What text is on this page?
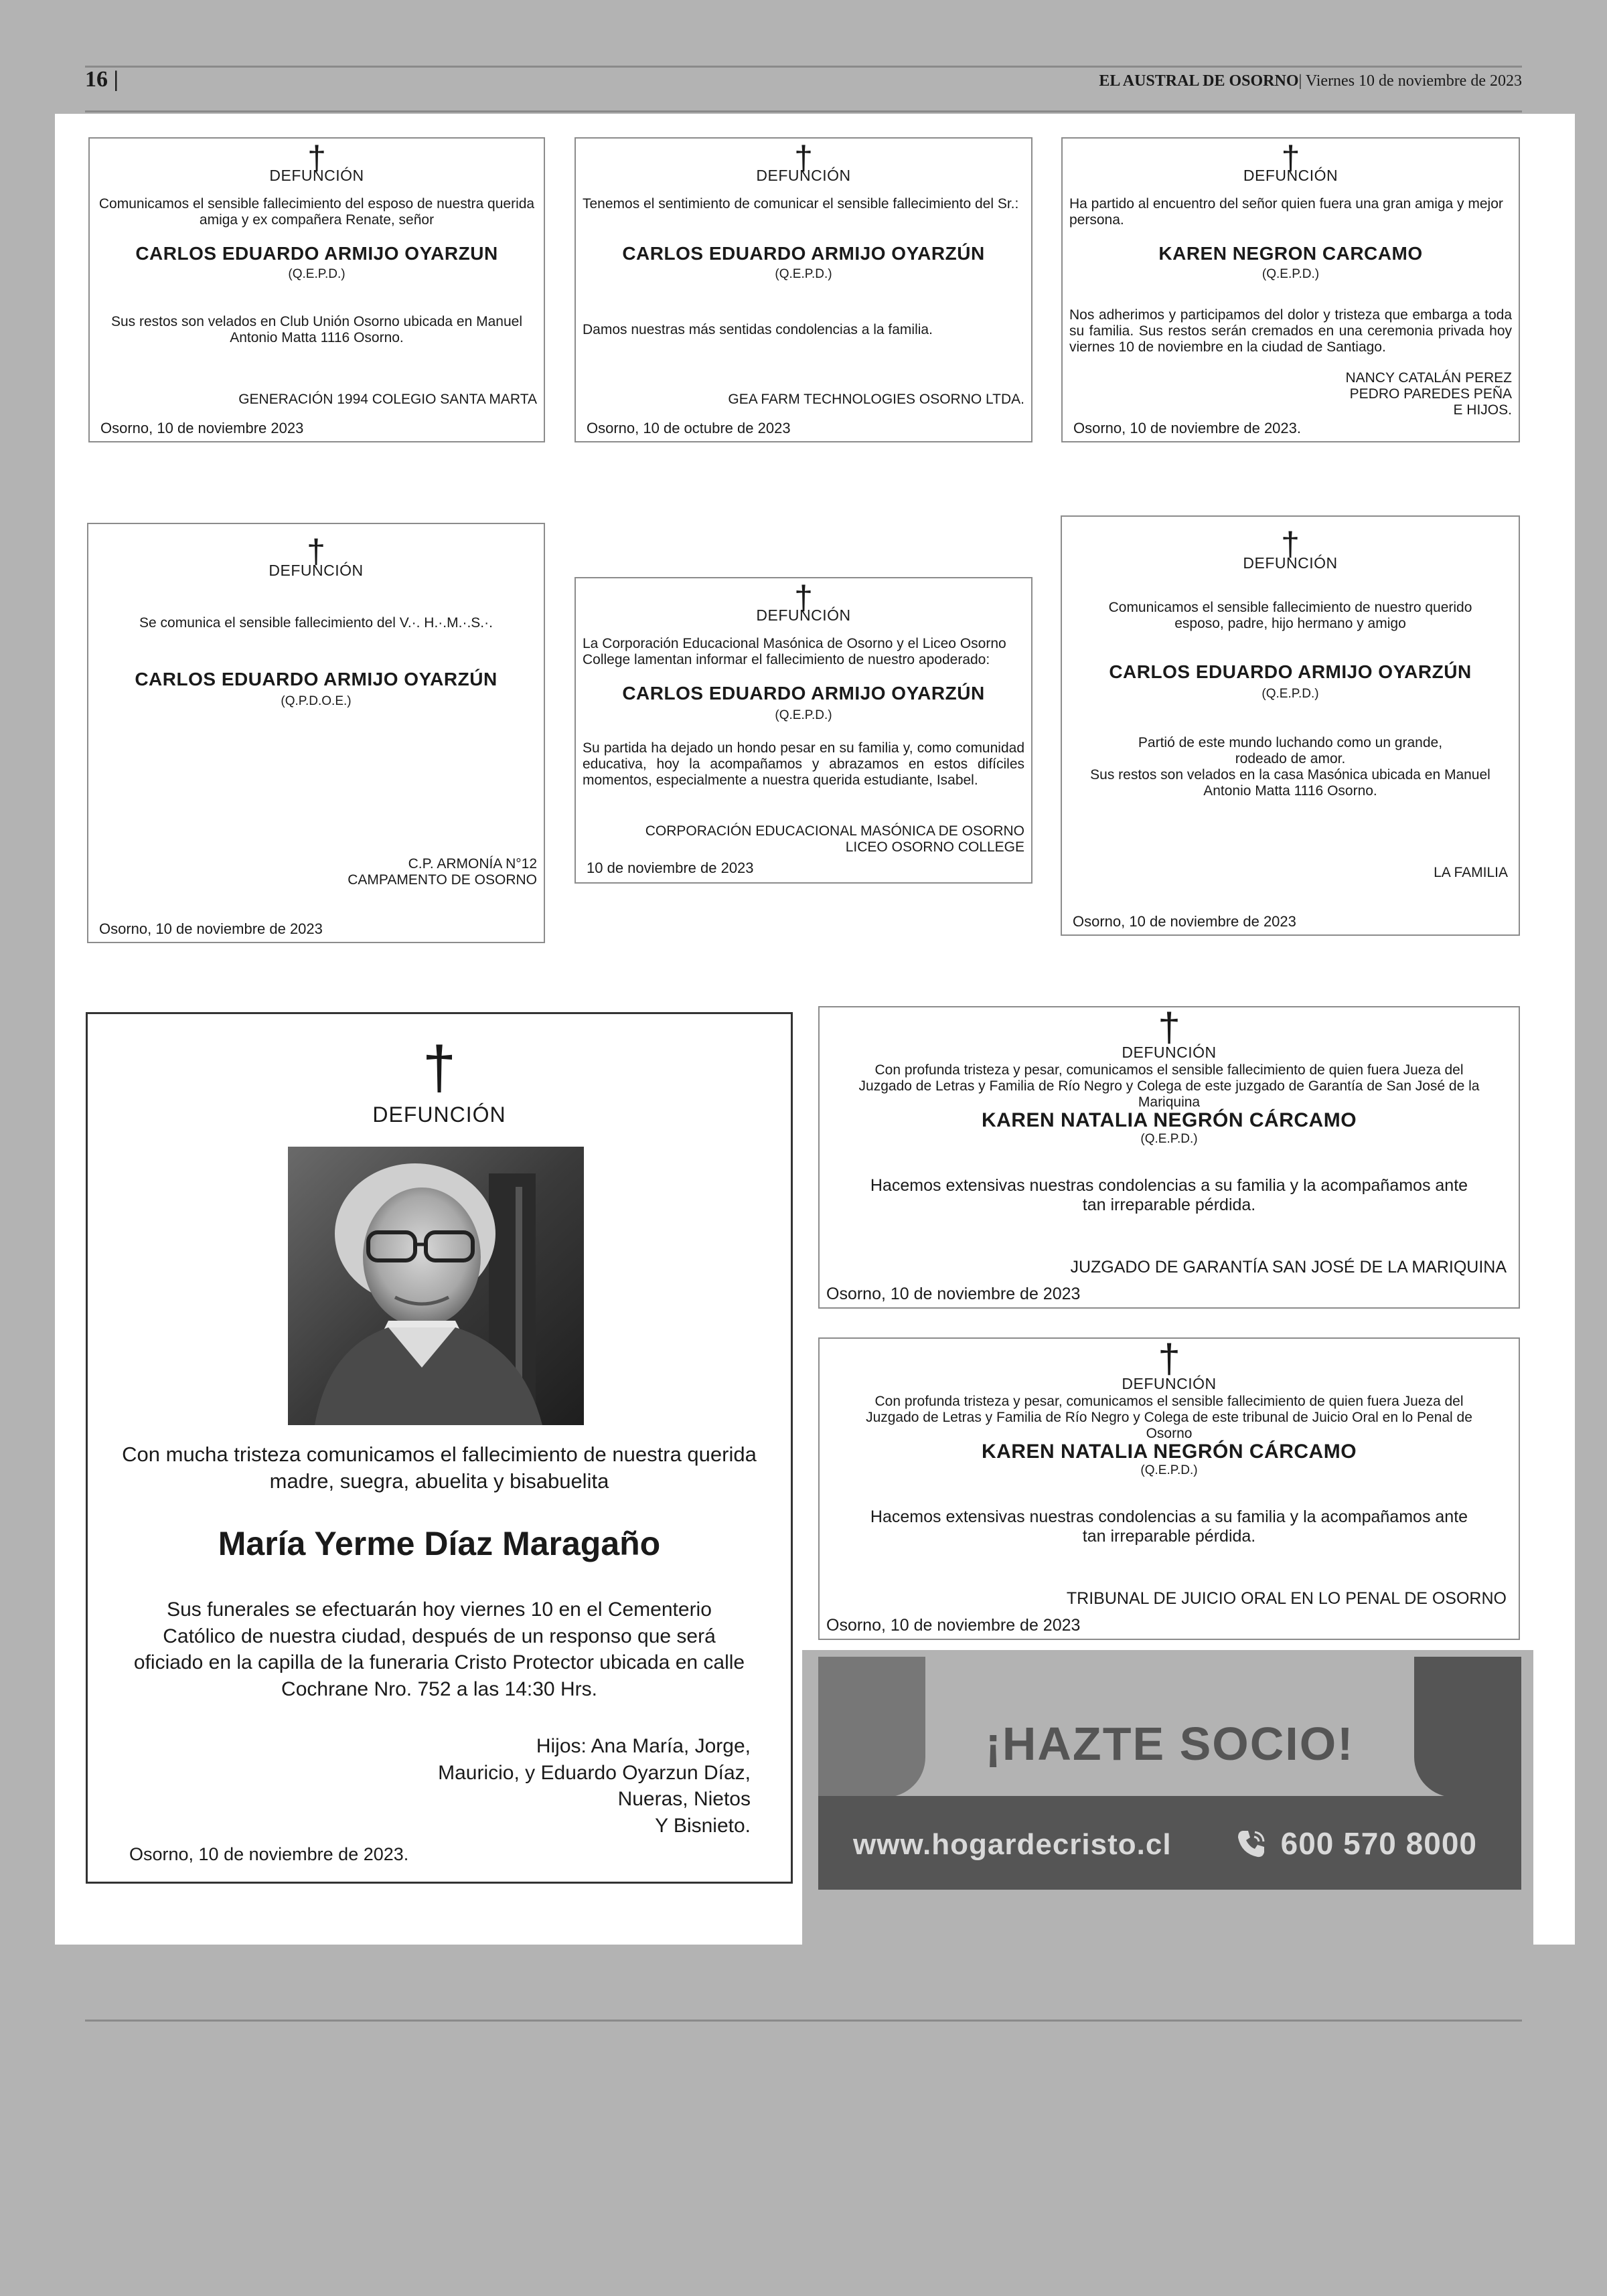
16 |	EL AUSTRAL DE OSORNO| Viernes 10 de noviembre de 2023
†
DEFUNCIÓN
Comunicamos el sensible fallecimiento del esposo de nuestra querida amiga y ex compañera Renate, señor
CARLOS EDUARDO ARMIJO OYARZUN
(Q.E.P.D.)
Sus restos son velados en Club Unión Osorno ubicada en Manuel Antonio Matta 1116 Osorno.
GENERACIÓN 1994 COLEGIO SANTA MARTA
Osorno, 10 de noviembre 2023
†
DEFUNCIÓN
Tenemos el sentimiento de comunicar el sensible fallecimiento del Sr.:
CARLOS EDUARDO ARMIJO OYARZÚN
(Q.E.P.D.)
Damos nuestras más sentidas condolencias a la familia.
GEA FARM TECHNOLOGIES OSORNO LTDA.
Osorno, 10 de octubre de 2023
†
DEFUNCIÓN
Ha partido al encuentro del señor quien fuera una gran amiga y mejor persona.
KAREN NEGRON CARCAMO
(Q.E.P.D.)
Nos adherimos y participamos del dolor y tristeza que embarga a toda su familia. Sus restos serán cremados en una ceremonia privada hoy viernes 10 de noviembre en la ciudad de Santiago.
NANCY CATALÁN PEREZ
PEDRO PAREDES PEÑA
E HIJOS.
Osorno, 10 de noviembre de 2023.
†
DEFUNCIÓN
Se comunica el sensible fallecimiento del V.·. H.·.M.·.S.·.
CARLOS EDUARDO ARMIJO OYARZÚN
(Q.P.D.O.E.)
C.P. ARMONÍA N°12
CAMPAMENTO DE OSORNO
Osorno, 10 de noviembre de 2023
†
DEFUNCIÓN
La Corporación Educacional Masónica de Osorno y el Liceo Osorno College lamentan informar el fallecimiento de nuestro apoderado:
CARLOS EDUARDO ARMIJO OYARZÚN
(Q.E.P.D.)
Su partida ha dejado un hondo pesar en su familia y, como comunidad educativa, hoy la acompañamos y abrazamos en estos difíciles momentos, especialmente a nuestra querida estudiante, Isabel.
CORPORACIÓN EDUCACIONAL MASÓNICA DE OSORNO
LICEO OSORNO COLLEGE
10 de noviembre de 2023
†
DEFUNCIÓN
Comunicamos el sensible fallecimiento de nuestro querido esposo, padre, hijo hermano y amigo
CARLOS EDUARDO ARMIJO OYARZÚN
(Q.E.P.D.)
Partió de este mundo luchando como un grande,
rodeado de amor.
Sus restos son velados en la casa Masónica ubicada en Manuel Antonio Matta 1116 Osorno.
LA FAMILIA
Osorno, 10 de noviembre de 2023
†
DEFUNCIÓN
Con mucha tristeza comunicamos el fallecimiento de nuestra querida madre, suegra, abuelita y bisabuelita
María Yerme Díaz Maragaño
Sus funerales se efectuarán hoy viernes 10 en el Cementerio Católico de nuestra ciudad, después de un responso que será oficiado en la capilla de la funeraria Cristo Protector ubicada en calle Cochrane Nro. 752 a las 14:30 Hrs.
Hijos: Ana María, Jorge,
Mauricio, y Eduardo Oyarzun Díaz,
Nueras, Nietos
Y Bisnieto.
Osorno, 10 de noviembre de 2023.
†
DEFUNCIÓN
Con profunda tristeza y pesar, comunicamos el sensible fallecimiento de quien fuera Jueza del Juzgado de Letras y Familia de Río Negro y Colega de este juzgado de Garantía de San José de la Mariquina
KAREN NATALIA NEGRÓN CÁRCAMO
(Q.E.P.D.)
Hacemos extensivas nuestras condolencias a su familia y la acompañamos ante tan irreparable pérdida.
JUZGADO DE GARANTÍA SAN JOSÉ DE LA MARIQUINA
Osorno, 10 de noviembre de 2023
†
DEFUNCIÓN
Con profunda tristeza y pesar, comunicamos el sensible fallecimiento de quien fuera Jueza del Juzgado de Letras y Familia de Río Negro y Colega de este tribunal de Juicio Oral en lo Penal de Osorno
KAREN NATALIA NEGRÓN CÁRCAMO
(Q.E.P.D.)
Hacemos extensivas nuestras condolencias a su familia y la acompañamos ante tan irreparable pérdida.
TRIBUNAL DE JUICIO ORAL EN LO PENAL DE OSORNO
Osorno, 10 de noviembre de 2023
¡HAZTE SOCIO!
www.hogardecristo.cl	600 570 8000
